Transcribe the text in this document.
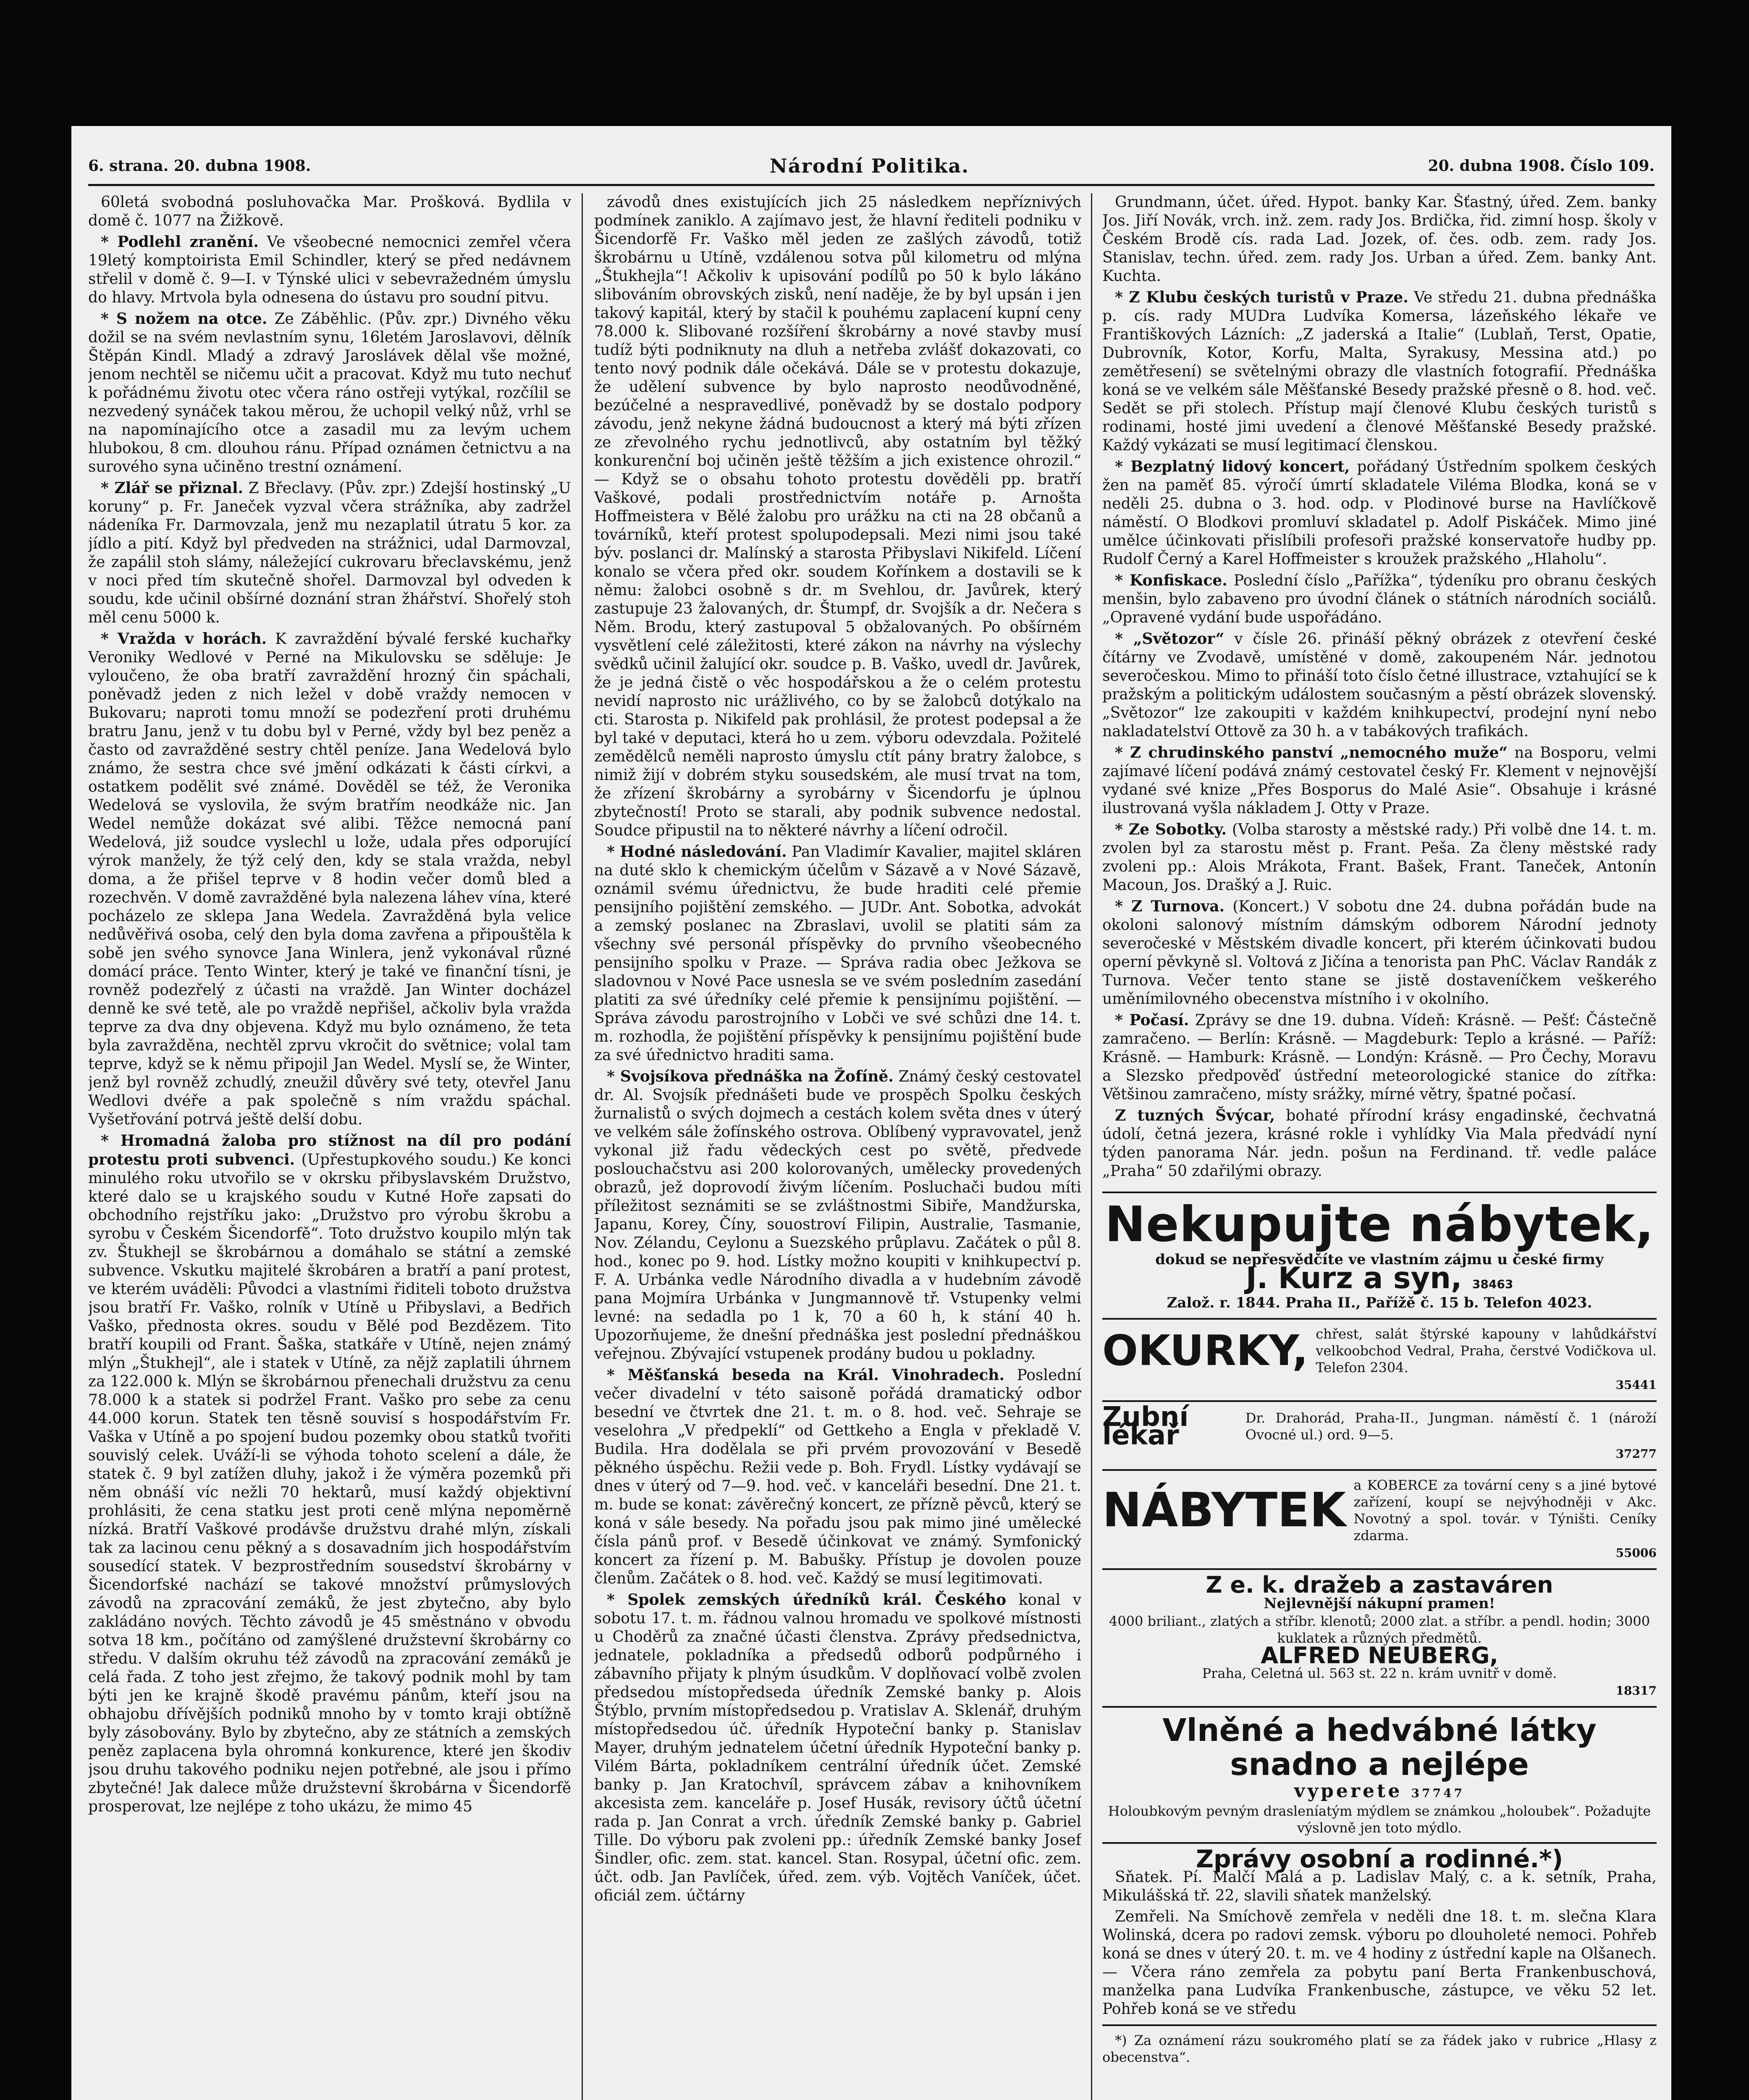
6. strana. 20. dubna 1908.	Národní Politika.	20. dubna 1908. Číslo 109.

60letá svobodná posluhovačka Mar. Prošková. Bydlila v domě č. 1077 na Žižkově.

* Podlehl zranění. Ve všeobecné nemocnici zemřel včera 19letý komptoirista Emil Schindler, který se před nedávnem střelil v domě č. 9—I. v Týnské ulici v sebevražedném úmyslu do hlavy. Mrtvola byla odnesena do ústavu pro soudní pitvu.

* S nožem na otce. Ze Záběhlic. (Pův. zpr.) Divného věku dožil se na svém nevlastním synu, 16letém Jaroslavovi, dělník Štěpán Kindl. Mladý a zdravý Jaroslávek dělal vše možné, jenom nechtěl se ničemu učit a pracovat. Když mu tuto nechuť k pořádnému životu otec včera ráno ostřeji vytýkal, rozčílil se nezvedený synáček takou měrou, že uchopil velký nůž, vrhl se na napomínajícího otce a zasadil mu za levým uchem hlubokou, 8 cm. dlouhou ránu. Případ oznámen četnictvu a na surového syna učiněno trestní oznámení.

* Zlář se přiznal. Z Břeclavy. (Pův. zpr.) Zdejší hostinský „U koruny“ p. Fr. Janeček vyzval včera strážníka, aby zadržel nádeníka Fr. Darmovzala, jenž mu nezaplatil útratu 5 kor. za jídlo a pití. Když byl předveden na strážnici, udal Darmovzal, že zapálil stoh slámy, náležející cukrovaru břeclavskému, jenž v noci před tím skutečně shořel. Darmovzal byl odveden k soudu, kde učinil obšírné doznání stran žhářství. Shořelý stoh měl cenu 5000 k.

* Vražda v horách. K zavraždění bývalé ferské kuchařky Veroniky Wedlové v Perné na Mikulovsku se sděluje: Je vyloučeno, že oba bratří zavraždění hrozný čin spáchali, poněvadž jeden z nich ležel v době vraždy nemocen v Bukovaru; naproti tomu množí se podezření proti druhému bratru Janu, jenž v tu dobu byl v Perné, vždy byl bez peněz a často od zavražděné sestry chtěl peníze. Jana Wedelová bylo známo, že sestra chce své jmění odkázati k části církvi, a ostatkem podělit své známé. Dověděl se též, že Veronika Wedelová se vyslovila, že svým bratřím neodkáže nic. Jan Wedel nemůže dokázat své alibi. Těžce nemocná paní Wedelová, již soudce vyslechl u lože, udala přes odporující výrok manžely, že týž celý den, kdy se stala vražda, nebyl doma, a že přišel teprve v 8 hodin večer domů bled a rozechvěn. V domě zavražděné byla nalezena láhev vína, které pocházelo ze sklepa Jana Wedela. Zavražděná byla velice nedůvěřivá osoba, celý den byla doma zavřena a připouštěla k sobě jen svého synovce Jana Winlera, jenž vykonával různé domácí práce. Tento Winter, který je také ve finanční tísni, je rovněž podezřelý z účasti na vraždě. Jan Winter docházel denně ke své tetě, ale po vraždě nepřišel, ačkoliv byla vražda teprve za dva dny objevena. Když mu bylo oznámeno, že teta byla zavražděna, nechtěl zprvu vkročit do světnice; volal tam teprve, když se k němu připojil Jan Wedel. Myslí se, že Winter, jenž byl rovněž zchudlý, zneužil důvěry své tety, otevřel Janu Wedlovi dvéře a pak společně s ním vraždu spáchal. Vyšetřování potrvá ještě delší dobu.

* Hromadná žaloba pro stížnost na díl pro podání protestu proti subvenci. (Upřestupkového soudu.) Ke konci minulého roku utvořilo se v okrsku přibyslavském Družstvo, které dalo se u krajského soudu v Kutné Hoře zapsati do obchodního rejstříku jako: „Družstvo pro výrobu škrobu a syrobu v Českém Šicendorfě“. Toto družstvo koupilo mlýn tak zv. Štukhejl se škrobárnou a domáhalo se státní a zemské subvence. Vskutku majitelé škrobáren a bratří a paní protest, ve kterém uváděli: Původci a vlastními řiditeli toboto družstva jsou bratří Fr. Vaško, rolník v Utíně u Přibyslavi, a Bedřich Vaško, přednosta okres. soudu v Bělé pod Bezdězem. Tito bratří koupili od Frant. Šaška, statkáře v Utíně, nejen známý mlýn „Štukhejl“, ale i statek v Utíně, za nějž zaplatili úhrnem za 122.000 k. Mlýn se škrobárnou přenechali družstvu za cenu 78.000 k a statek si podržel Frant. Vaško pro sebe za cenu 44.000 korun. Statek ten těsně souvisí s hospodářstvím Fr. Vaška v Utíně a po spojení budou pozemky obou statků tvořiti souvislý celek. Uváží-li se výhoda tohoto scelení a dále, že statek č. 9 byl zatížen dluhy, jakož i že výměra pozemků při něm obnáší víc nežli 70 hektarů, musí každý objektivní prohlásiti, že cena statku jest proti ceně mlýna nepoměrně nízká. Bratří Vaškové prodávše družstvu drahé mlýn, získali tak za lacinou cenu pěkný a s dosavadním jich hospodářstvím sousedící statek. V bezprostředním sousedství škrobárny v Šicendorfské nachází se takové množství průmyslových závodů na zpracování zemáků, že jest zbytečno, aby bylo zakládáno nových. Těchto závodů je 45 směstnáno v obvodu sotva 18 km., počítáno od zamýšlené družstevní škrobárny co středu. V dalším okruhu též závodů na zpracování zemáků je celá řada. Z toho jest zřejmo, že takový podnik mohl by tam býti jen ke krajně škodě pravému pánům, kteří jsou na obhajobu dřívějších podniků mnoho by v tomto kraji obtížně byly zásobovány. Bylo by zbytečno, aby ze státních a zemských peněz zaplacena byla ohromná konkurence, které jen škodiv jsou druhu takového podniku nejen potřebné, ale jsou i přímo zbytečné! Jak dalece může družstevní škrobárna v Šicendorfě prosperovat, lze nejlépe z toho ukázu, že mimo 45

závodů dnes existujících jich 25 následkem nepříznivých podmínek zaniklo. A zajímavo jest, že hlavní řediteli podniku v Šicendorfě Fr. Vaško měl jeden ze zašlých závodů, totiž škrobárnu u Utíně, vzdálenou sotva půl kilometru od mlýna „Štukhejla“! Ačkoliv k upisování podílů po 50 k bylo lákáno slibováním obrovských zisků, není naděje, že by byl upsán i jen takový kapitál, který by stačil k pouhému zaplacení kupní ceny 78.000 k. Slibované rozšíření škrobárny a nové stavby musí tudíž býti podniknuty na dluh a netřeba zvlášť dokazovati, co tento nový podnik dále očekává. Dále se v protestu dokazuje, že udělení subvence by bylo naprosto neodůvodněné, bezúčelné a nespravedlivé, poněvadž by se dostalo podpory závodu, jenž nekyne žádná budoucnost a který má býti zřízen ze zřevolného rychu jednotlivců, aby ostatním byl těžký konkurenční boj učiněn ještě těžším a jich existence ohrozil.“ — Když se o obsahu tohoto protestu dověděli pp. bratří Vaškové, podali prostřednictvím notáře p. Arnošta Hoffmeistera v Bělé žalobu pro urážku na cti na 28 občanů a továrníků, kteří protest spolupodepsali. Mezi nimi jsou také býv. poslanci dr. Malínský a starosta Přibyslavi Nikifeld. Líčení konalo se včera před okr. soudem Kořínkem a dostavili se k němu: žalobci osobně s dr. m Svehlou, dr. Javůrek, který zastupuje 23 žalovaných, dr. Štumpf, dr. Svojšík a dr. Nečera s Něm. Brodu, který zastupoval 5 obžalovaných. Po obšírném vysvětlení celé záležitosti, které zákon na návrhy na výslechy svědků učinil žalující okr. soudce p. B. Vaško, uvedl dr. Javůrek, že je jedná čistě o věc hospodářskou a že o celém protestu nevidí naprosto nic urážlivého, co by se žalobců dotýkalo na cti. Starosta p. Nikifeld pak prohlásil, že protest podepsal a že byl také v deputaci, která ho u zem. výboru odevzdala. Požitelé zemědělců neměli naprosto úmyslu ctít pány bratry žalobce, s nimiž žijí v dobrém styku sousedském, ale musí trvat na tom, že zřízení škrobárny a syrobárny v Šicendorfu je úplnou zbytečností! Proto se starali, aby podnik subvence nedostal. Soudce připustil na to některé návrhy a líčení odročil.

* Hodné následování. Pan Vladimír Kavalier, majitel skláren na duté sklo k chemickým účelům v Sázavě a v Nové Sázavě, oznámil svému úřednictvu, že bude hraditi celé přemie pensijního pojištění zemského. — JUDr. Ant. Sobotka, advokát a zemský poslanec na Zbraslavi, uvolil se platiti sám za všechny své personál příspěvky do prvního všeobecného pensijního spolku v Praze. — Správa radia obec Ježkova se sladovnou v Nové Pace usnesla se ve svém posledním zasedání platiti za své úředníky celé přemie k pensijnímu pojištění. — Správa závodu parostrojního v Lobči ve své schůzi dne 14. t. m. rozhodla, že pojištění příspěvky k pensijnímu pojištění bude za své úřednictvo hraditi sama.

* Svojsíkova přednáška na Žofíně. Známý český cestovatel dr. Al. Svojsík přednášeti bude ve prospěch Spolku českých žurnalistů o svých dojmech a cestách kolem světa dnes v úterý ve velkém sále žofínského ostrova. Oblíbený vypravovatel, jenž vykonal již řadu vědeckých cest po světě, předvede poslouchačstvu asi 200 kolorovaných, umělecky provedených obrazů, jež doprovodí živým líčením. Posluchači budou míti příležitost seznámiti se se zvláštnostmi Sibiře, Mandžurska, Japanu, Korey, Číny, souostroví Filipin, Australie, Tasmanie, Nov. Zélandu, Ceylonu a Suezského průplavu. Začátek o půl 8. hod., konec po 9. hod. Lístky možno koupiti v knihkupectví p. F. A. Urbánka vedle Národního divadla a v hudebním závodě pana Mojmíra Urbánka v Jungmannově tř. Vstupenky velmi levné: na sedadla po 1 k, 70 a 60 h, k stání 40 h. Upozorňujeme, že dnešní přednáška jest poslední přednáškou veřejnou. Zbývající vstupenek prodány budou u pokladny.

* Měšťanská beseda na Král. Vinohradech. Poslední večer divadelní v této saisoně pořádá dramatický odbor besední ve čtvrtek dne 21. t. m. o 8. hod. več. Sehraje se veselohra „V předpeklí“ od Gettkeho a Engla v překladě V. Budila. Hra dodělala se při prvém provozování v Besedě pěkného úspěchu. Režii vede p. Boh. Frydl. Lístky vydávají se dnes v úterý od 7—9. hod. več. v kanceláři besední. Dne 21. t. m. bude se konat: závěrečný koncert, ze přízně pěvců, který se koná v sále besedy. Na pořadu jsou pak mimo jiné umělecké čísla pánů prof. v Besedě účinkovat ve známý. Symfonický koncert za řízení p. M. Babušky. Přístup je dovolen pouze členům. Začátek o 8. hod. več. Každý se musí legitimovati.

* Spolek zemských úředníků král. Českého konal v sobotu 17. t. m. řádnou valnou hromadu ve spolkové místnosti u Choděrů za značné účasti členstva. Zprávy předsednictva, jednatele, pokladníka a předsedů odborů podpůrného i zábavního přijaty k plným úsudkům. V doplňovací volbě zvolen předsedou místopředseda úředník Zemské banky p. Alois Štýblo, prvním místopředsedou p. Vratislav A. Sklenář, druhým místopředsedou úč. úředník Hypoteční banky p. Stanislav Mayer, druhým jednatelem účetní úředník Hypoteční banky p. Vilém Bárta, pokladníkem centrální úředník účet. Zemské banky p. Jan Kratochvíl, správcem zábav a knihovníkem akcesista zem. kanceláře p. Josef Husák, revisory účtů účetní rada p. Jan Conrat a vrch. úředník Zemské banky p. Gabriel Tille. Do výboru pak zvoleni pp.: úředník Zemské banky Josef Šindler, ofic. zem. stat. kancel. Stan. Rosypal, účetní ofic. zem. účt. odb. Jan Pavlíček, úřed. zem. výb. Vojtěch Vaníček, účet. oficiál zem. účtárny

Grundmann, účet. úřed. Hypot. banky Kar. Šťastný, úřed. Zem. banky Jos. Jiří Novák, vrch. inž. zem. rady Jos. Brdička, řid. zimní hosp. školy v Českém Brodě cís. rada Lad. Jozek, of. čes. odb. zem. rady Jos. Stanislav, techn. úřed. zem. rady Jos. Urban a úřed. Zem. banky Ant. Kuchta.

* Z Klubu českých turistů v Praze. Ve středu 21. dubna přednáška p. cís. rady MUDra Ludvíka Komersa, lázeňského lékaře ve Františkových Lázních: „Z jaderská a Italie“ (Lublaň, Terst, Opatie, Dubrovník, Kotor, Korfu, Malta, Syrakusy, Messina atd.) po zemětřesení) se světelnými obrazy dle vlastních fotografií. Přednáška koná se ve velkém sále Měšťanské Besedy pražské přesně o 8. hod. več. Sedět se při stolech. Přístup mají členové Klubu českých turistů s rodinami, hosté jimi uvedení a členové Měšťanské Besedy pražské. Každý vykázati se musí legitimací členskou.

* Bezplatný lidový koncert, pořádaný Ústředním spolkem českých žen na paměť 85. výročí úmrtí skladatele Viléma Blodka, koná se v neděli 25. dubna o 3. hod. odp. v Plodinové burse na Havlíčkově náměstí. O Blodkovi promluví skladatel p. Adolf Piskáček. Mimo jiné umělce účinkovati přislíbili profesoři pražské konservatoře hudby pp. Rudolf Černý a Karel Hoffmeister s kroužek pražského „Hlaholu“.

* Konfiskace. Poslední číslo „Pařížka“, týdeníku pro obranu českých menšin, bylo zabaveno pro úvodní článek o státních národních sociálů. „Opravené vydání bude uspořádáno.

* „Světozor“ v čísle 26. přináší pěkný obrázek z otevření české čítárny ve Zvodavě, umístěné v domě, zakoupeném Nár. jednotou severočeskou. Mimo to přináší toto číslo četné illustrace, vztahující se k pražským a politickým událostem současným a pěstí obrázek slovenský. „Světozor“ lze zakoupiti v každém knihkupectví, prodejní nyní nebo nakladatelství Ottově za 30 h. a v tabákových trafikách.

* Z chrudinského panství „nemocného muže“ na Bosporu, velmi zajímavé líčení podává známý cestovatel český Fr. Klement v nejnovější vydané své knize „Přes Bosporus do Malé Asie“. Obsahuje i krásné ilustrovaná vyšla nákladem J. Otty v Praze.

* Ze Sobotky. (Volba starosty a městské rady.) Při volbě dne 14. t. m. zvolen byl za starostu měst p. Frant. Peša. Za členy městské rady zvoleni pp.: Alois Mrákota, Frant. Bašek, Frant. Taneček, Antonín Macoun, Jos. Drašký a J. Ruic.

* Z Turnova. (Koncert.) V sobotu dne 24. dubna pořádán bude na okoloni salonový místním dámským odborem Národní jednoty severočeské v Městském divadle koncert, při kterém účinkovati budou operní pěvkyně sl. Voltová z Jičína a tenorista pan PhC. Václav Randák z Turnova. Večer tento stane se jistě dostaveníčkem veškerého uměnímilovného obecenstva místního i v okolního.

* Počasí. Zprávy se dne 19. dubna. Vídeň: Krásně. — Pešť: Částečně zamračeno. — Berlín: Krásně. — Magdeburk: Teplo a krásné. — Paříž: Krásně. — Hamburk: Krásně. — Londýn: Krásně. — Pro Čechy, Moravu a Slezsko předpověď ústřední meteorologické stanice do zítřka: Většinou zamračeno, místy srážky, mírné větry, špatné počasí.

Z tuzných Švýcar, bohaté přírodní krásy engadinské, čechvatná údolí, četná jezera, krásné rokle i vyhlídky Via Mala předvádí nyní týden panorama Nár. jedn. pošun na Ferdinand. tř. vedle paláce „Praha“ 50 zdařilými obrazy.

Nekupujte nábytek,
dokud se nepřesvědčíte ve vlastním zájmu u české firmy
J. Kurz a syn, 38463
Založ. r. 1844. Praha II., Pařížě č. 15 b. Telefon 4023.
OKURKY, chřest, salát štýrské kapouny v lahůdkářství velkoobchod Vedral, Praha, čerstvé Vodičkova ul. Telefon 2304.
35441
Zubní lékař
Dr. Drahorád, Praha-II., Jungman. náměstí č. 1 (nároží Ovocné ul.) ord. 9—5.
37277
NÁBYTEK a KOBERCE za tovární ceny s a jiné bytové zařízení, koupí se nejvýhodněji v Akc. Novotný a spol. továr. v Týništi. Ceníky zdarma.
55006
Z e. k. dražeb a zastaváren
Nejlevnější nákupní pramen!
4000 briliant., zlatých a stříbr. klenotů; 2000 zlat. a stříbr. a pendl. hodin; 3000 kuklatek a různých předmětů.
ALFRED NEUBERG,
Praha, Celetná ul. 563 st. 22 n. krám uvnitř v domě.
18317
Vlněné a hedvábné látky
snadno a nejlépe
vyperete 37747
Holoubkovým pevným drasleníatým mýdlem se známkou „holoubek“. Požadujte výslovně jen toto mýdlo.
Zprávy osobní a rodinné.*)

Sňatek. Pí. Malčí Malá a p. Ladislav Malý, c. a k. setník, Praha, Mikulášská tř. 22, slavili sňatek manželský.

Zemřeli. Na Smíchově zemřela v neděli dne 18. t. m. slečna Klara Wolinská, dcera po radovi zemsk. výboru po dlouholeté nemoci. Pohřeb koná se dnes v úterý 20. t. m. ve 4 hodiny z ústřední kaple na Olšanech. — Včera ráno zemřela za pobytu paní Berta Frankenbuschová, manželka pana Ludvíka Frankenbusche, zástupce, ve věku 52 let. Pohřeb koná se ve středu

*) Za oznámení rázu soukromého platí se za řádek jako v rubrice „Hlasy z obecenstva“.
